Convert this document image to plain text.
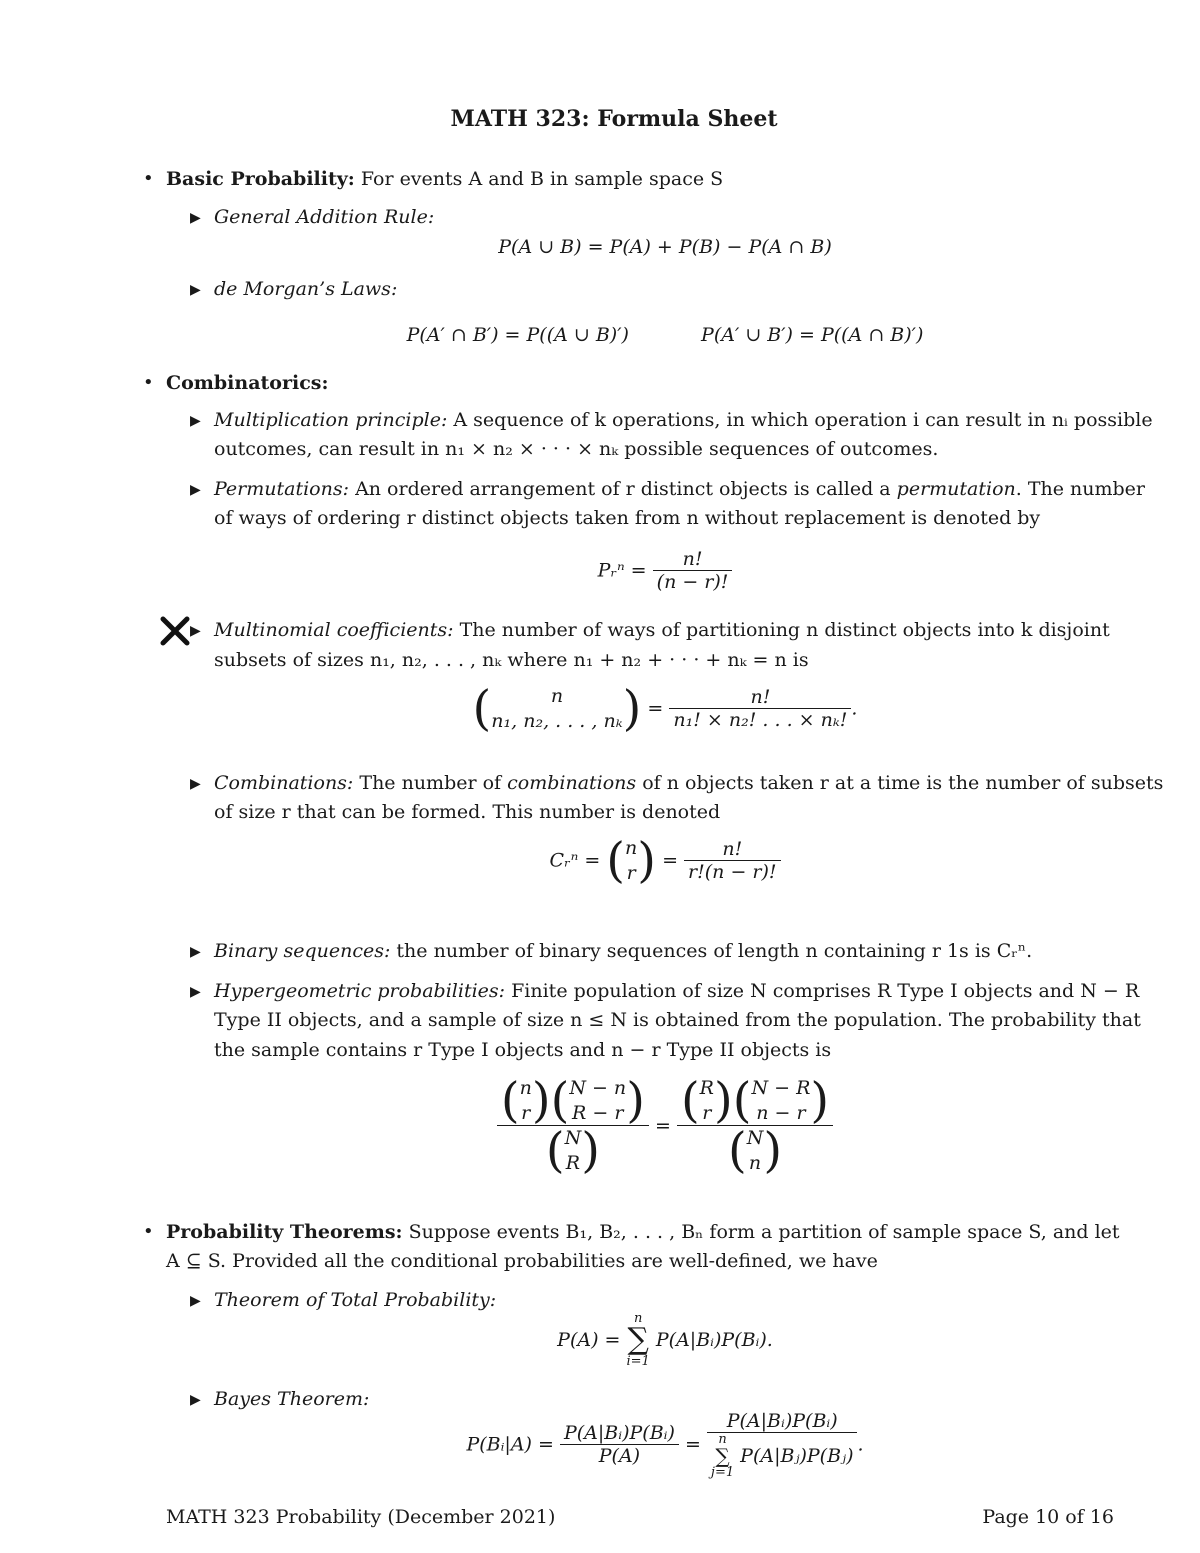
MATH 323: Formula Sheet
• Basic Probability: For events A and B in sample space S
▶ General Addition Rule:
P(A ∪ B) = P(A) + P(B) − P(A ∩ B)
▶ de Morgan’s Laws:
P(A′ ∩ B′) = P((A ∪ B)′)	P(A′ ∪ B′) = P((A ∩ B)′)
• Combinatorics:
▶ Multiplication principle: A sequence of k operations, in which operation i can result in nᵢ possible
outcomes, can result in n₁ × n₂ × · · · × nₖ possible sequences of outcomes.
▶ Permutations: An ordered arrangement of r distinct objects is called a permutation. The number
of ways of ordering r distinct objects taken from n without replacement is denoted by
Pᵣⁿ = $\frac{n!}{(n - r)!}$
▶ Multinomial coefficients: The number of ways of partitioning n distinct objects into k disjoint
subsets of sizes n₁, n₂, . . . , nₖ where n₁ + n₂ + · · · + nₖ = n is
(	n
n₁, n₂, . . . , nₖ ) = $\frac{n!}{\text{n₁! × n₂! . . . × nₖ!}}$ .
▶ Combinations: The number of combinations of n objects taken r at a time is the number of subsets
of size r that can be formed. This number is denoted
Cᵣⁿ = ( n
r ) = $\frac{n!}{r!(n - r)!}$
▶ Binary sequences: the number of binary sequences of length n containing r 1s is Cᵣⁿ.
▶ Hypergeometric probabilities: Finite population of size N comprises R Type I objects and N − R
Type II objects, and a sample of size n ≤ N is obtained from the population. The probability that
the sample contains r Type I objects and n − r Type II objects is
( n
r )( N − n
R − r )
( N
R ) = ( R
r )( N − R
n − r )
( N
n )
• Probability Theorems: Suppose events B₁, B₂, . . . , Bₙ form a partition of sample space S, and let
A ⊆ S. Provided all the conditional probabilities are well-defined, we have
▶ Theorem of Total Probability:
P(A) =
n
∑
i=1
P(A|Bᵢ)P(Bᵢ).
▶ Bayes Theorem:
P(Bᵢ|A) = $\frac{\text{P(A|Bᵢ)P(Bᵢ)}}{P(A)}$ = P(A|Bᵢ)P(Bᵢ)
n
∑
j=1
P(A|Bⱼ)P(Bⱼ) .
MATH 323 Probability (December 2021)	Page 10 of 16
